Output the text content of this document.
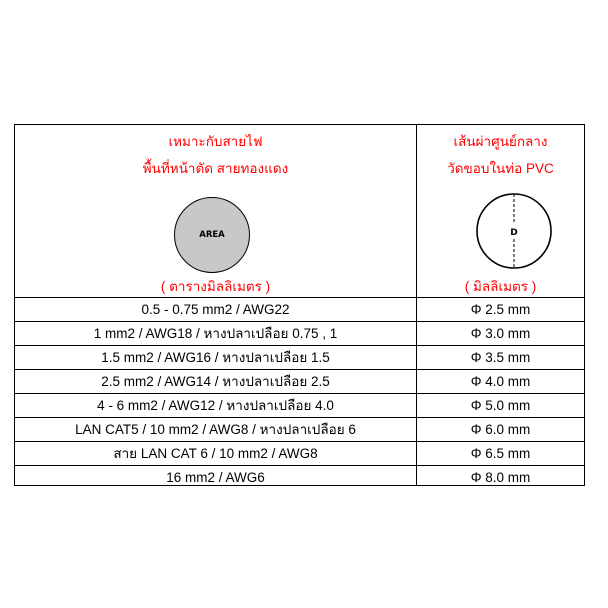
เหมาะกับสายไฟ
พื้นที่หน้าตัด สายทองแดง
AREA
( ตารางมิลลิเมตร )
เส้นผ่าศูนย์กลาง
วัดขอบในท่อ PVC
D
( มิลลิเมตร )
0.5 - 0.75 mm2 / AWG22	Φ 2.5 mm
1 mm2 / AWG18 / หางปลาเปลือย 0.75 , 1	Φ 3.0 mm
1.5 mm2 / AWG16 / หางปลาเปลือย 1.5	Φ 3.5 mm
2.5 mm2 / AWG14 / หางปลาเปลือย 2.5	Φ 4.0 mm
4 - 6 mm2 / AWG12 / หางปลาเปลือย 4.0	Φ 5.0 mm
LAN CAT5 / 10 mm2 / AWG8 / หางปลาเปลือย 6	Φ 6.0 mm
สาย LAN CAT 6 / 10 mm2 / AWG8	Φ 6.5 mm
16 mm2 / AWG6	Φ 8.0 mm
